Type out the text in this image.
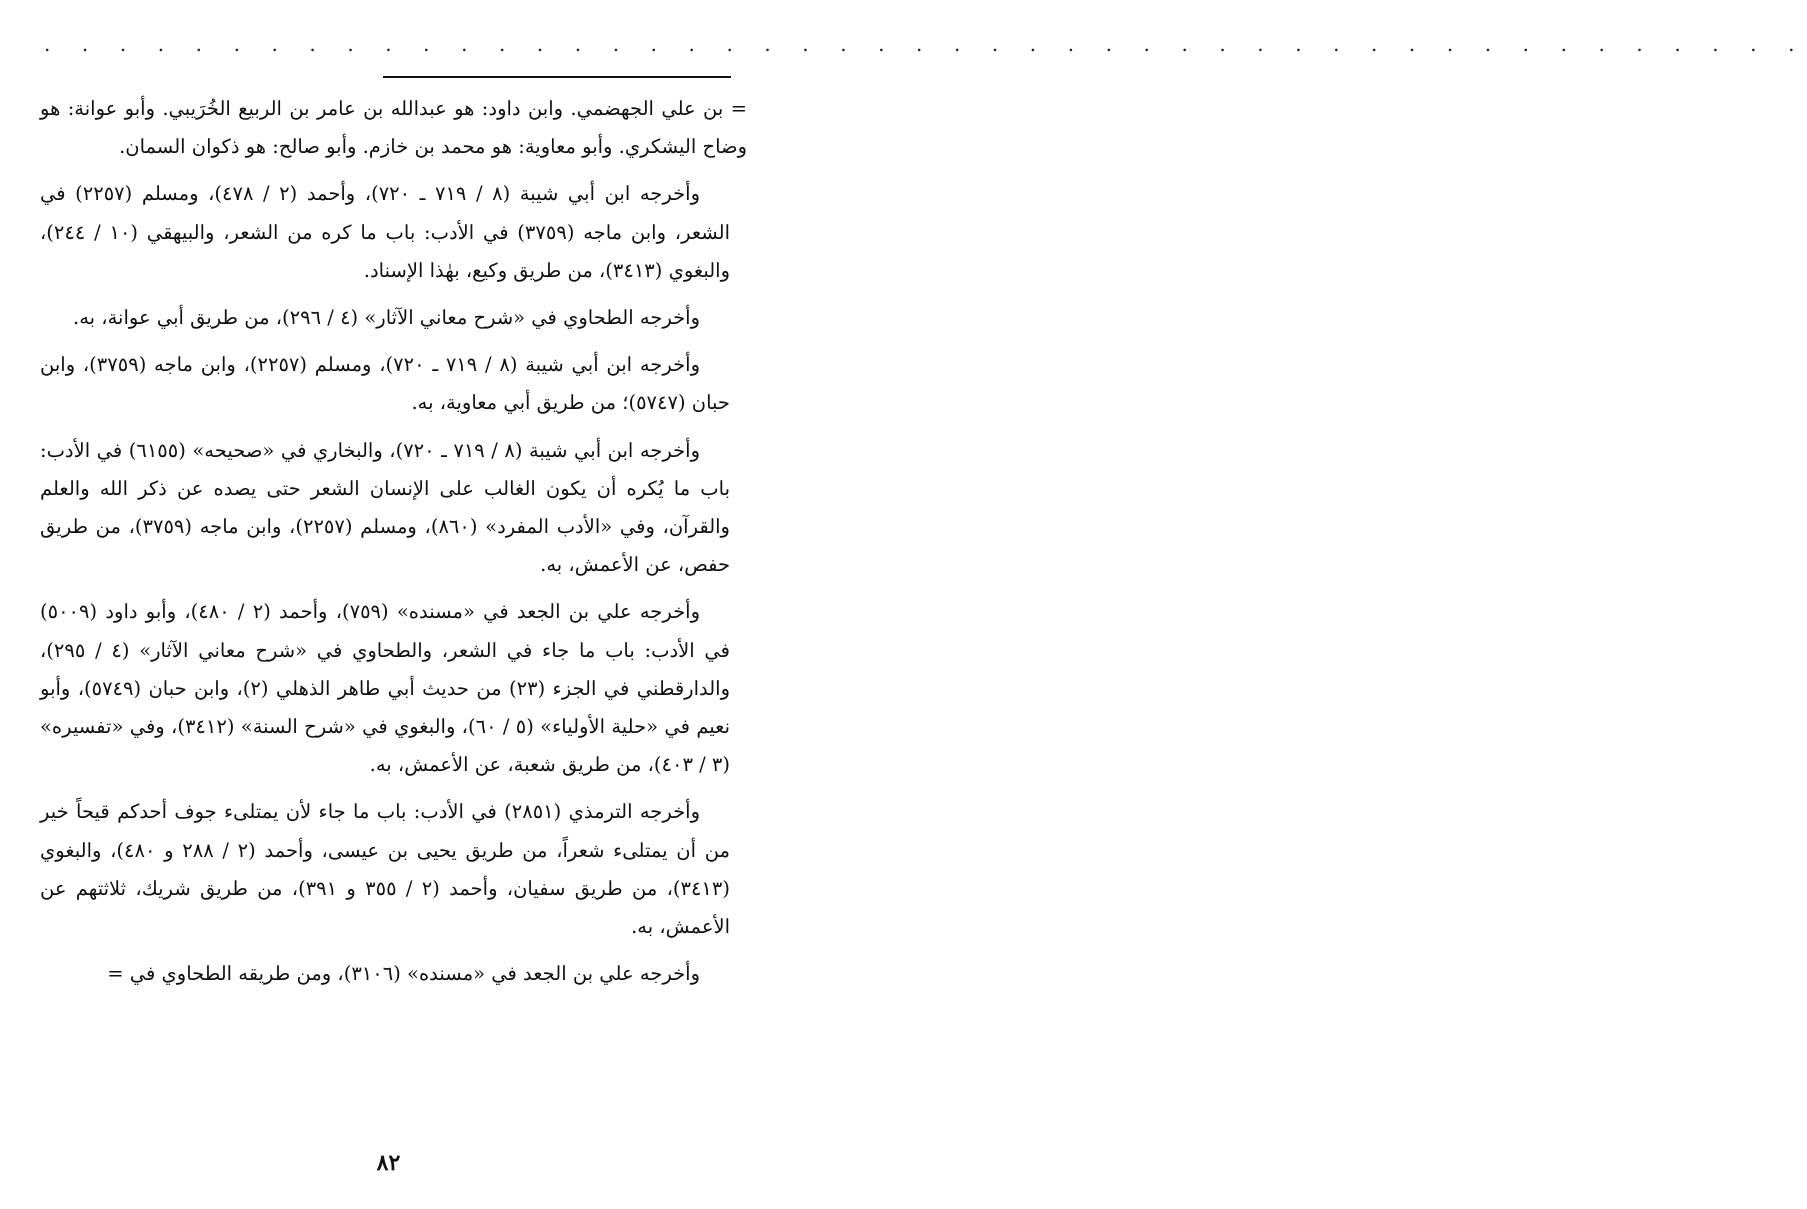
. . . . . . . . . . . . . . . . . . . . . . . . . . . . . . . . . . . . . . . . . . . . . . .

= بن علي الجهضمي. وابن داود: هو عبدالله بن عامر بن الربيع الخُرَيبي. وأبو عوانة: هو وضاح اليشكري. وأبو معاوية: هو محمد بن خازم. وأبو صالح: هو ذكوان السمان.

وأخرجه ابن أبي شيبة (٨ / ٧١٩ ـ ٧٢٠)، وأحمد (٢ / ٤٧٨)، ومسلم (٢٢٥٧) في الشعر، وابن ماجه (٣٧٥٩) في الأدب: باب ما كره من الشعر، والبيهقي (١٠ / ٢٤٤)، والبغوي (٣٤١٣)، من طريق وكيع، بهٰذا الإسناد.

وأخرجه الطحاوي في «شرح معاني الآثار» (٤ / ٢٩٦)، من طريق أبي عوانة، به.

وأخرجه ابن أبي شيبة (٨ / ٧١٩ ـ ٧٢٠)، ومسلم (٢٢٥٧)، وابن ماجه (٣٧٥٩)، وابن حبان (٥٧٤٧)؛ من طريق أبي معاوية، به.

وأخرجه ابن أبي شيبة (٨ / ٧١٩ ـ ٧٢٠)، والبخاري في «صحيحه» (٦١٥٥) في الأدب: باب ما يُكره أن يكون الغالب على الإنسان الشعر حتى يصده عن ذكر الله والعلم والقرآن، وفي «الأدب المفرد» (٨٦٠)، ومسلم (٢٢٥٧)، وابن ماجه (٣٧٥٩)، من طريق حفص، عن الأعمش، به.

وأخرجه علي بن الجعد في «مسنده» (٧٥٩)، وأحمد (٢ / ٤٨٠)، وأبو داود (٥٠٠٩) في الأدب: باب ما جاء في الشعر، والطحاوي في «شرح معاني الآثار» (٤ / ٢٩٥)، والدارقطني في الجزء (٢٣) من حديث أبي طاهر الذهلي (٢)، وابن حبان (٥٧٤٩)، وأبو نعيم في «حلية الأولياء» (٥ / ٦٠)، والبغوي في «شرح السنة» (٣٤١٢)، وفي «تفسيره» (٣ / ٤٠٣)، من طريق شعبة، عن الأعمش، به.

وأخرجه الترمذي (٢٨٥١) في الأدب: باب ما جاء لأن يمتلىء جوف أحدكم قيحاً خير من أن يمتلىء شعراً، من طريق يحيى بن عيسى، وأحمد (٢ / ٢٨٨ و ٤٨٠)، والبغوي (٣٤١٣)، من طريق سفيان، وأحمد (٢ / ٣٥٥ و ٣٩١)، من طريق شريك، ثلاثتهم عن الأعمش، به.

وأخرجه علي بن الجعد في «مسنده» (٣١٠٦)، ومن طريقه الطحاوي في =

٨٢
